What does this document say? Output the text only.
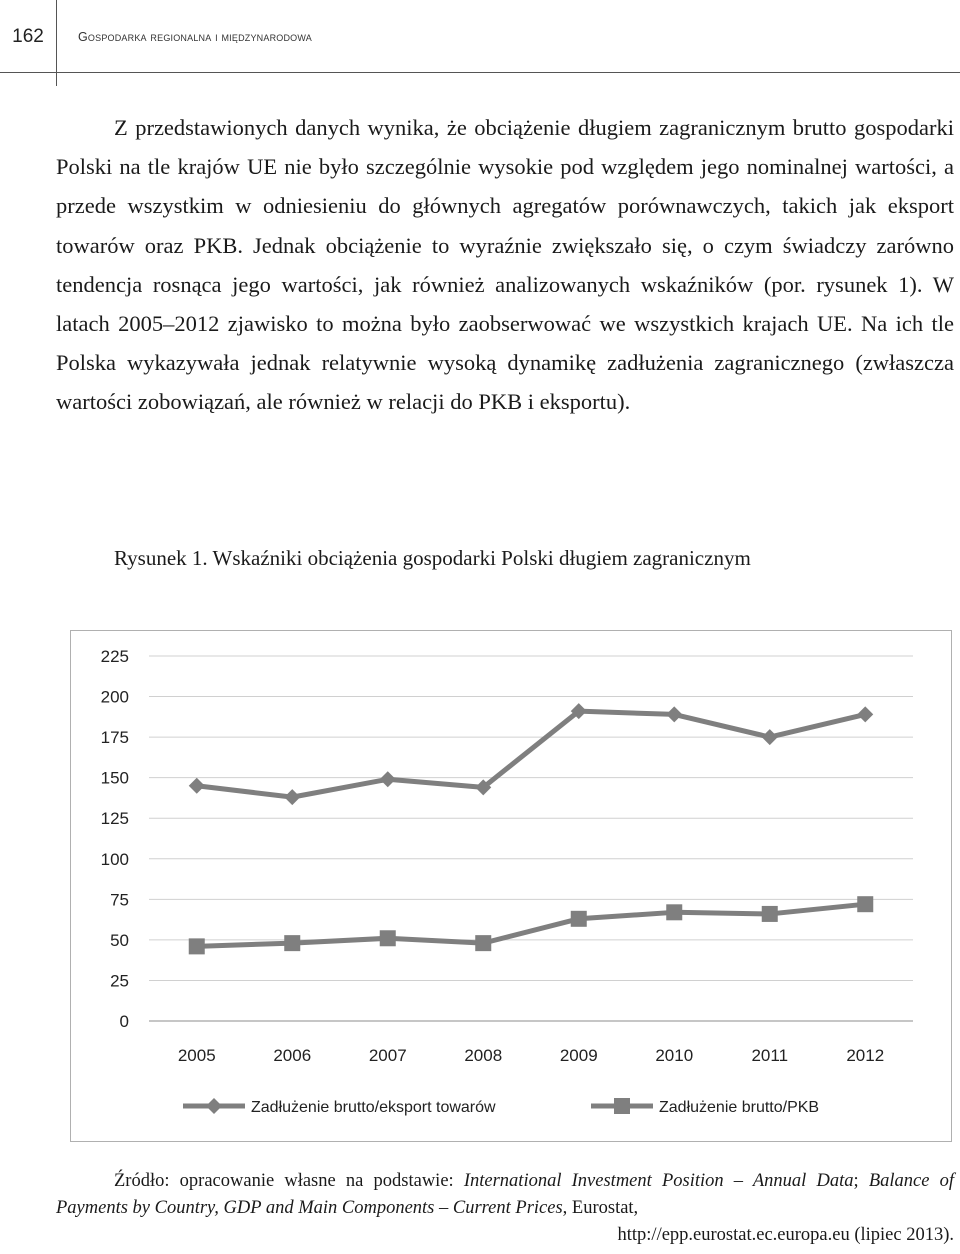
162	Gospodarka regionalna i międzynarodowa

Z przedstawionych danych wynika, że obciążenie długiem zagranicznym brutto gospodarki Polski na tle krajów UE nie było szczególnie wysokie pod względem jego nominalnej wartości, a przede wszystkim w odniesieniu do głównych agregatów porównawczych, takich jak eksport towarów oraz PKB. Jednak obciążenie to wyraźnie zwiększało się, o czym świadczy zarówno tendencja rosnąca jego wartości, jak również analizowanych wskaźników (por. rysunek 1). W latach 2005–2012 zjawisko to można było zaobserwować we wszystkich krajach UE. Na ich tle Polska wykazywała jednak relatywnie wysoką dynamikę zadłużenia zagranicznego (zwłaszcza wartości zobowiązań, ale również w relacji do PKB i eksportu).

Rysunek 1. Wskaźniki obciążenia gospodarki Polski długiem zagranicznym
0
25
50
75
100
125
150
175
200
225
2005	2006	2007	2008	2009	2010	2011	2012
Zadłużenie brutto/eksport towarów	Zadłużenie brutto/PKB

Źródło: opracowanie własne na podstawie: International Investment Position – Annual Data; Balance of Payments by Country, GDP and Main Components – Current Prices, Eurostat,

http://epp.eurostat.ec.europa.eu (lipiec 2013).
